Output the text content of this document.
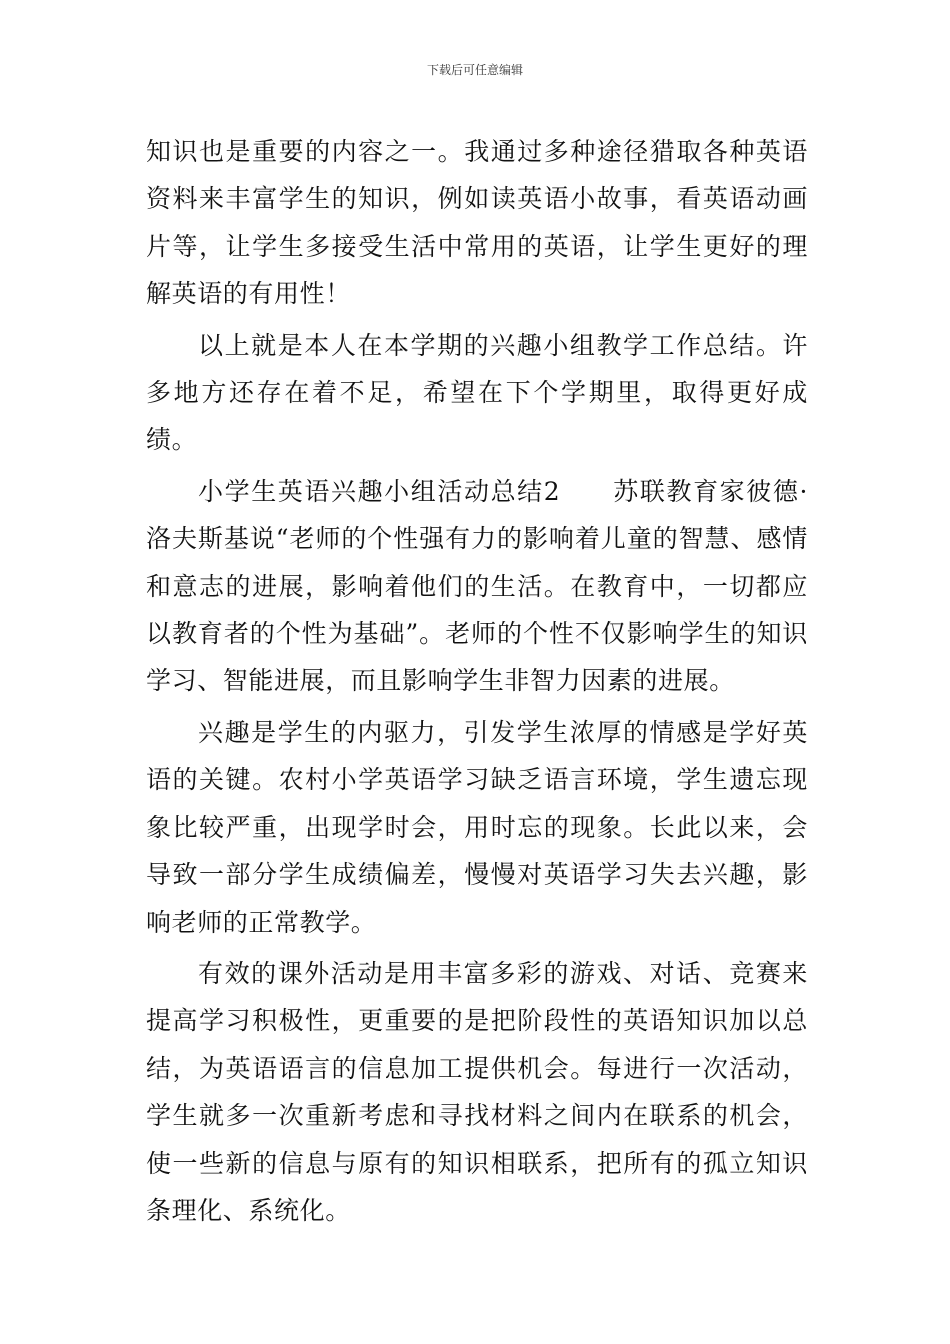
下载后可任意编辑

知识也是重要的内容之一。我通过多种途径猎取各种英语资料来丰富学生的知识，例如读英语小故事，看英语动画片等，让学生多接受生活中常用的英语，让学生更好的理解英语的有用性！

以上就是本人在本学期的兴趣小组教学工作总结。许多地方还存在着不足，希望在下个学期里，取得更好成绩。

小学生英语兴趣小组活动总结2 苏联教育家彼德·洛夫斯基说“老师的个性强有力的影响着儿童的智慧、感情和意志的进展，影响着他们的生活。在教育中，一切都应以教育者的个性为基础”。老师的个性不仅影响学生的知识学习、智能进展，而且影响学生非智力因素的进展。

兴趣是学生的内驱力，引发学生浓厚的情感是学好英语的关键。农村小学英语学习缺乏语言环境，学生遗忘现象比较严重，出现学时会，用时忘的现象。长此以来，会导致一部分学生成绩偏差，慢慢对英语学习失去兴趣，影响老师的正常教学。

有效的课外活动是用丰富多彩的游戏、对话、竞赛来提高学习积极性，更重要的是把阶段性的英语知识加以总结，为英语语言的信息加工提供机会。每进行一次活动，学生就多一次重新考虑和寻找材料之间内在联系的机会，使一些新的信息与原有的知识相联系，把所有的孤立知识条理化、系统化。
